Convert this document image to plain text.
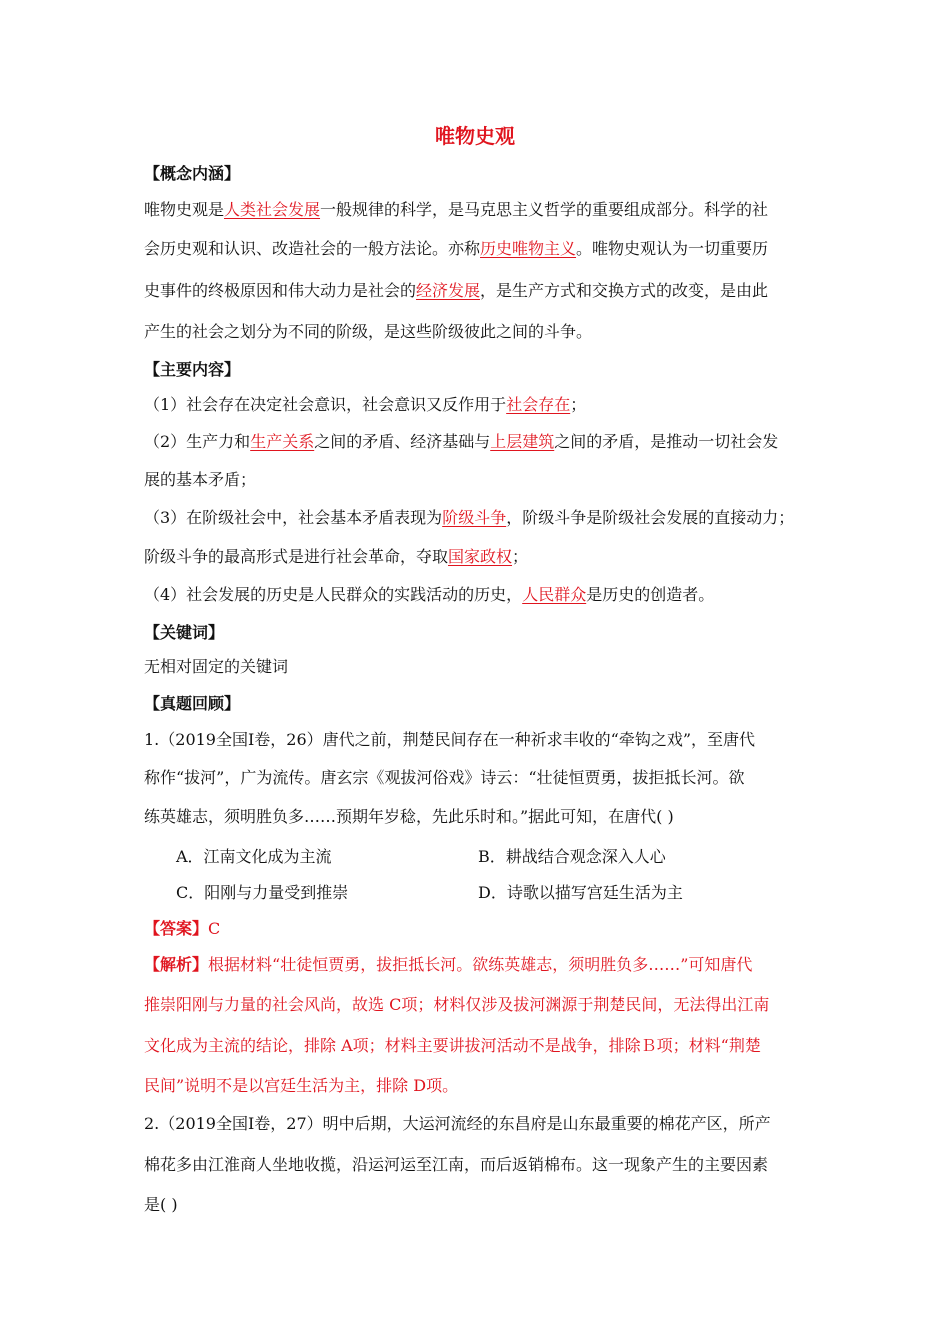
唯物史观
【概念内涵】
唯物史观是人类社会发展一般规律的科学，是马克思主义哲学的重要组成部分。科学的社
会历史观和认识、改造社会的一般方法论。亦称历史唯物主义。唯物史观认为一切重要历
史事件的终极原因和伟大动力是社会的经济发展，是生产方式和交换方式的改变，是由此
产生的社会之划分为不同的阶级，是这些阶级彼此之间的斗争。
【主要内容】
（1）社会存在决定社会意识，社会意识又反作用于社会存在；
（2）生产力和生产关系之间的矛盾、经济基础与上层建筑之间的矛盾，是推动一切社会发
展的基本矛盾；
（3）在阶级社会中，社会基本矛盾表现为阶级斗争，阶级斗争是阶级社会发展的直接动力；
阶级斗争的最高形式是进行社会革命，夺取国家政权；
（4）社会发展的历史是人民群众的实践活动的历史，人民群众是历史的创造者。
【关键词】
无相对固定的关键词
【真题回顾】
1.（2019全国Ⅰ卷，26）唐代之前，荆楚民间存在一种祈求丰收的“牵钩之戏”，至唐代
称作“拔河”，广为流传。唐玄宗《观拔河俗戏》诗云：“壮徒恒贾勇，拔拒抵长河。欲
练英雄志，须明胜负多……预期年岁稔，先此乐时和。”据此可知，在唐代( )
A．江南文化成为主流	B．耕战结合观念深入人心
C．阳刚与力量受到推崇	D．诗歌以描写宫廷生活为主
【答案】C
【解析】根据材料“壮徒恒贾勇，拔拒抵长河。欲练英雄志，须明胜负多……”可知唐代
推崇阳刚与力量的社会风尚，故选 C项；材料仅涉及拔河渊源于荆楚民间，无法得出江南
文化成为主流的结论，排除 A项；材料主要讲拔河活动不是战争，排除Ｂ项；材料“荆楚
民间”说明不是以宫廷生活为主，排除 D项。
2.（2019全国Ⅰ卷，27）明中后期，大运河流经的东昌府是山东最重要的棉花产区，所产
棉花多由江淮商人坐地收揽，沿运河运至江南，而后返销棉布。这一现象产生的主要因素
是( )
